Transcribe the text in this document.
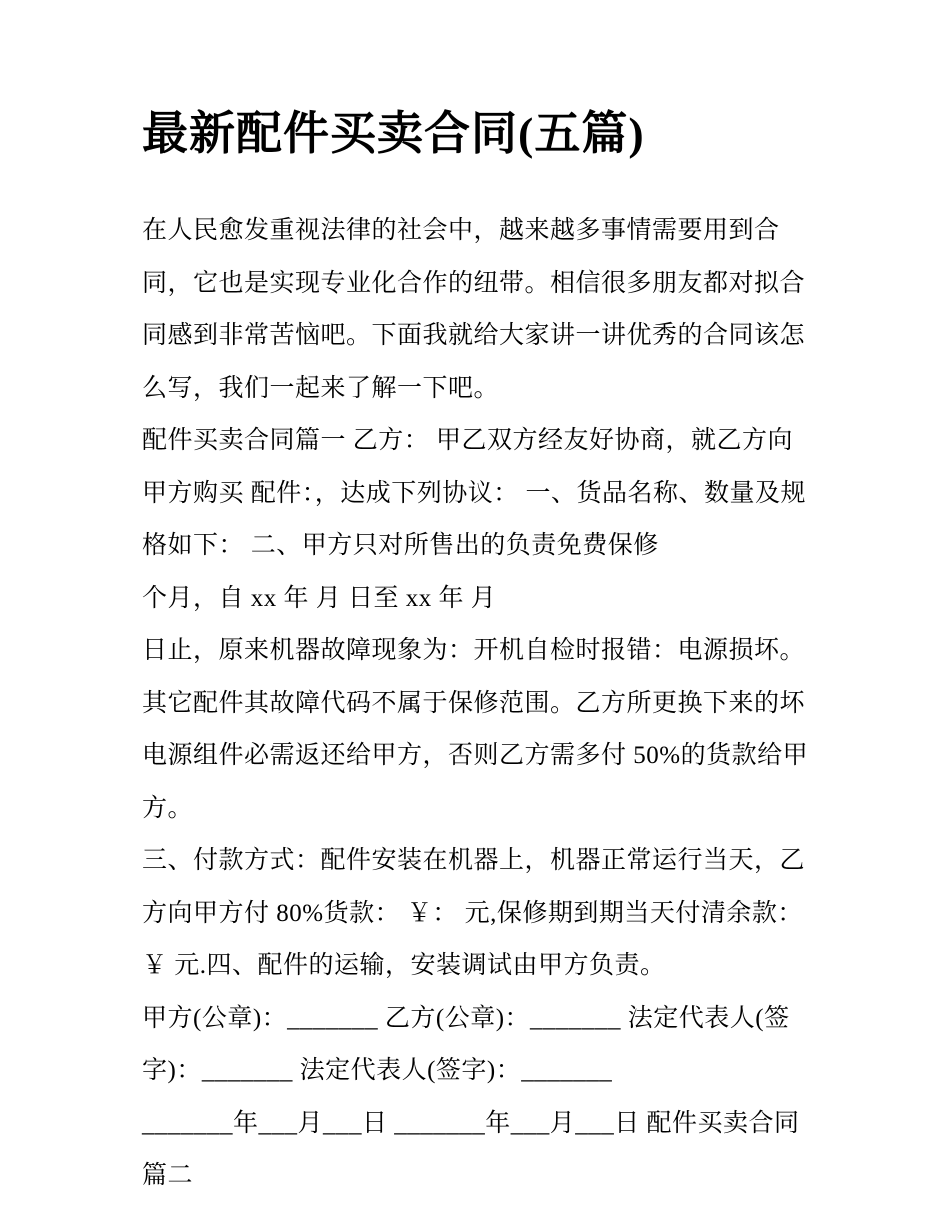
最新配件买卖合同(五篇)

在人民愈发重视法律的社会中，越来越多事情需要用到合同，它也是实现专业化合作的纽带。相信很多朋友都对拟合同感到非常苦恼吧。下面我就给大家讲一讲优秀的合同该怎么写，我们一起来了解一下吧。

配件买卖合同篇一 乙方： 甲乙双方经友好协商，就乙方向甲方购买 配件：，达成下列协议： 一、货品名称、数量及规格如下： 二、甲方只对所售出的负责免费保修

个月，自 xx 年 月 日至 xx 年 月

日止，原来机器故障现象为：开机自检时报错：电源损坏。其它配件其故障代码不属于保修范围。乙方所更换下来的坏电源组件必需返还给甲方，否则乙方需多付 50%的货款给甲方。

三、付款方式：配件安装在机器上，机器正常运行当天，乙方向甲方付 80%货款： ￥： 元,保修期到期当天付清余款： ￥ 元.四、配件的运输，安装调试由甲方负责。

甲方(公章)：_______ 乙方(公章)：_______ 法定代表人(签字)：_______ 法定代表人(签字)：_______

_______年___月___日 _______年___月___日 配件买卖合同篇二
